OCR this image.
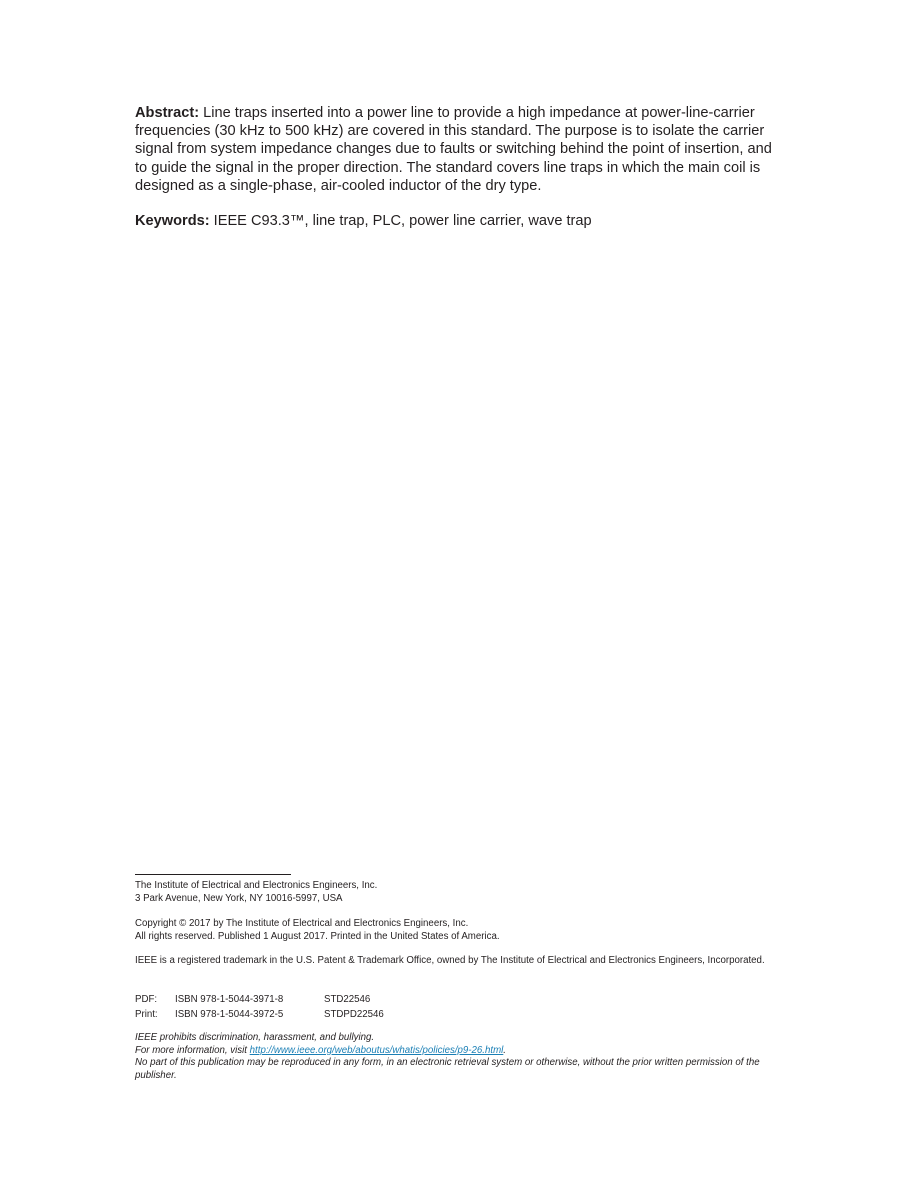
Abstract: Line traps inserted into a power line to provide a high impedance at power-line-carrier frequencies (30 kHz to 500 kHz) are covered in this standard. The purpose is to isolate the carrier signal from system impedance changes due to faults or switching behind the point of insertion, and to guide the signal in the proper direction. The standard covers line traps in which the main coil is designed as a single-phase, air-cooled inductor of the dry type.

Keywords: IEEE C93.3™, line trap, PLC, power line carrier, wave trap

The Institute of Electrical and Electronics Engineers, Inc.

3 Park Avenue, New York, NY 10016-5997, USA

Copyright © 2017 by The Institute of Electrical and Electronics Engineers, Inc.

All rights reserved. Published 1 August 2017. Printed in the United States of America.

IEEE is a registered trademark in the U.S. Patent & Trademark Office, owned by The Institute of Electrical and Electronics Engineers, Incorporated.

PDF:	ISBN 978-1-5044-3971-8	STD22546
Print:	ISBN 978-1-5044-3972-5	STDPD22546

IEEE prohibits discrimination, harassment, and bullying.

For more information, visit http://www.ieee.org/web/aboutus/whatis/policies/p9-26.html.

No part of this publication may be reproduced in any form, in an electronic retrieval system or otherwise, without the prior written permission of the publisher.
